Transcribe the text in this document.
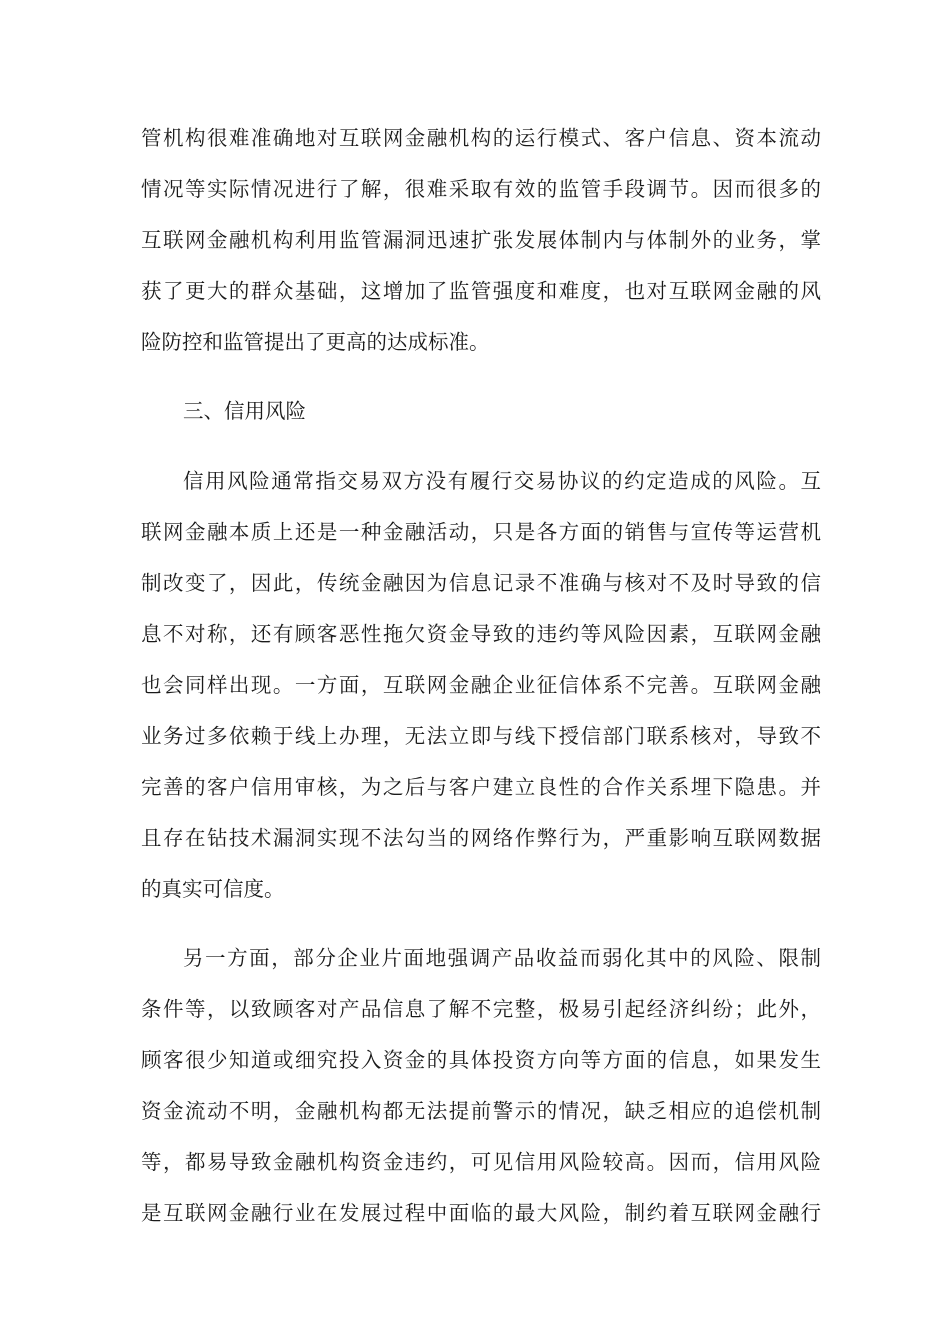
管机构很难准确地对互联网金融机构的运行模式、客户信息、资本流动
情况等实际情况进行了解，很难采取有效的监管手段调节。因而很多的
互联网金融机构利用监管漏洞迅速扩张发展体制内与体制外的业务，掌
获了更大的群众基础，这增加了监管强度和难度，也对互联网金融的风
险防控和监管提出了更高的达成标准。
三、信用风险
信用风险通常指交易双方没有履行交易协议的约定造成的风险。互
联网金融本质上还是一种金融活动，只是各方面的销售与宣传等运营机
制改变了，因此，传统金融因为信息记录不准确与核对不及时导致的信
息不对称，还有顾客恶性拖欠资金导致的违约等风险因素，互联网金融
也会同样出现。一方面，互联网金融企业征信体系不完善。互联网金融
业务过多依赖于线上办理，无法立即与线下授信部门联系核对，导致不
完善的客户信用审核，为之后与客户建立良性的合作关系埋下隐患。并
且存在钻技术漏洞实现不法勾当的网络作弊行为，严重影响互联网数据
的真实可信度。
另一方面，部分企业片面地强调产品收益而弱化其中的风险、限制
条件等，以致顾客对产品信息了解不完整，极易引起经济纠纷；此外，
顾客很少知道或细究投入资金的具体投资方向等方面的信息，如果发生
资金流动不明，金融机构都无法提前警示的情况，缺乏相应的追偿机制
等，都易导致金融机构资金违约，可见信用风险较高。因而，信用风险
是互联网金融行业在发展过程中面临的最大风险，制约着互联网金融行
